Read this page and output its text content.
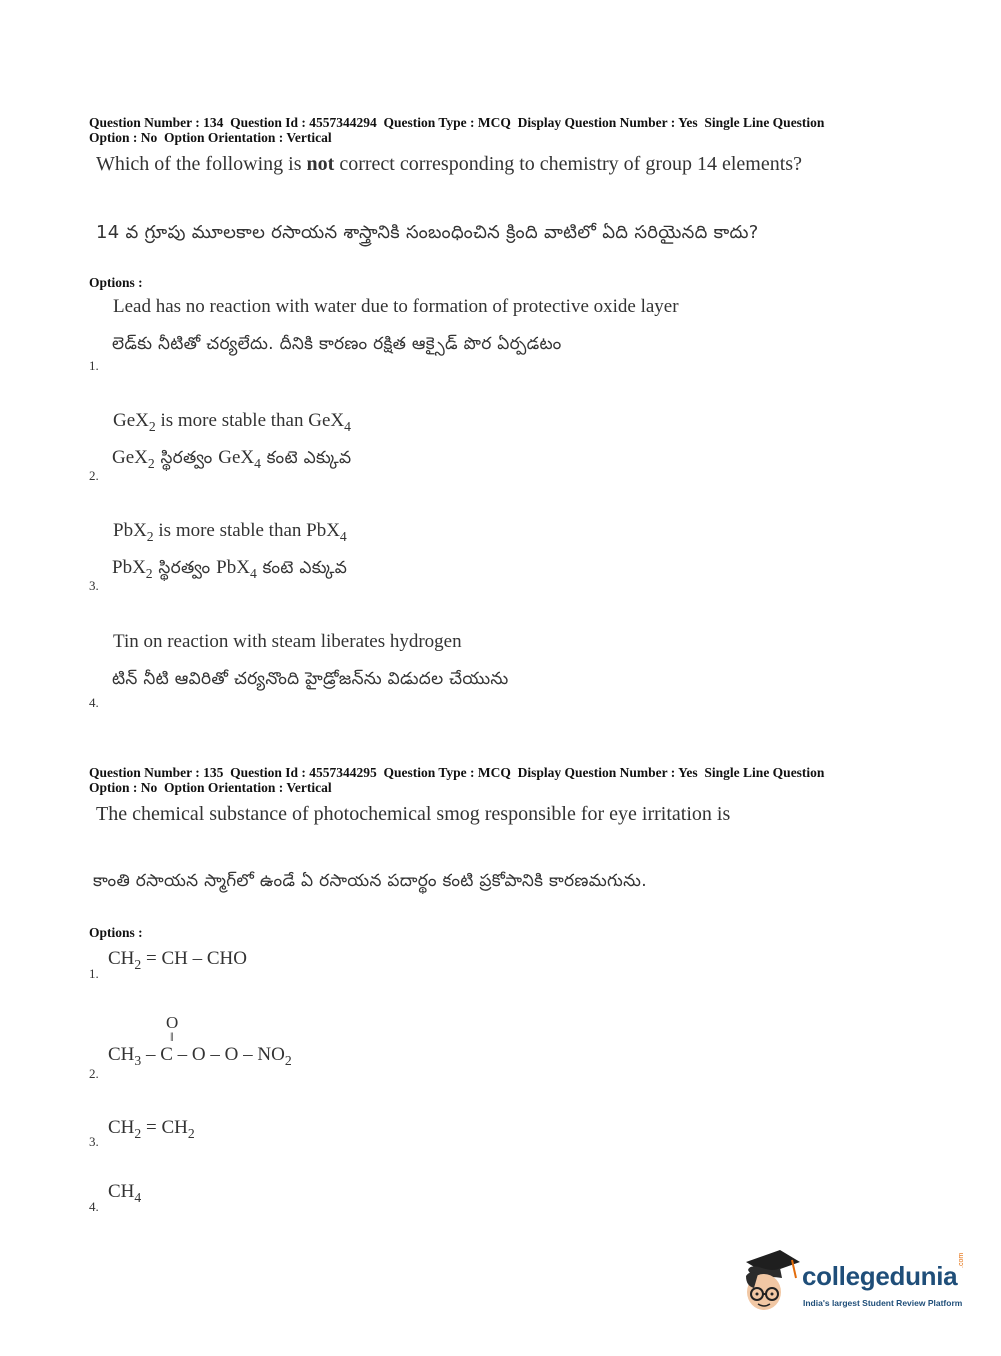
Question Number : 134  Question Id : 4557344294  Question Type : MCQ  Display Question Number : Yes  Single Line Question
Option : No  Option Orientation : Vertical
Which of the following is not correct corresponding to chemistry of group 14 elements?
14 వ గ్రూపు మూలకాల రసాయన శాస్త్రానికి సంబంధించిన క్రింది వాటిలో ఏది సరియైనది కాదు?
Options :
Lead has no reaction with water due to formation of protective oxide layer
లెడ్‌కు నీటితో చర్యలేదు. దీనికి కారణం రక్షిత ఆక్సైడ్ పొర ఏర్పడటం
1.
GeX$_2$ is more stable than GeX$_4$
GeX$_2$ స్థిరత్వం GeX$_4$ కంటె ఎక్కువ
2.
PbX$_2$ is more stable than PbX$_4$
PbX$_2$ స్థిరత్వం PbX$_4$ కంటె ఎక్కువ
3.
Tin on reaction with steam liberates hydrogen
టిన్ నీటి ఆవిరితో చర్యనొంది హైడ్రోజన్‌ను విడుదల చేయును
4.
Question Number : 135  Question Id : 4557344295  Question Type : MCQ  Display Question Number : Yes  Single Line Question
Option : No  Option Orientation : Vertical
The chemical substance of photochemical smog responsible for eye irritation is
కాంతి రసాయన స్మాగ్‌లో ఉండే ఏ రసాయన పదార్థం కంటి ప్రకోపానికి కారణమగును.
Options :
$CH_2$ = CH – CHO
1.
O
‖
$CH_3$ – C – O – O – $NO_2$
2.
$CH_2 = CH_2$
3.
$CH_4$
4.
collegedunia
.com
India's largest Student Review Platform
